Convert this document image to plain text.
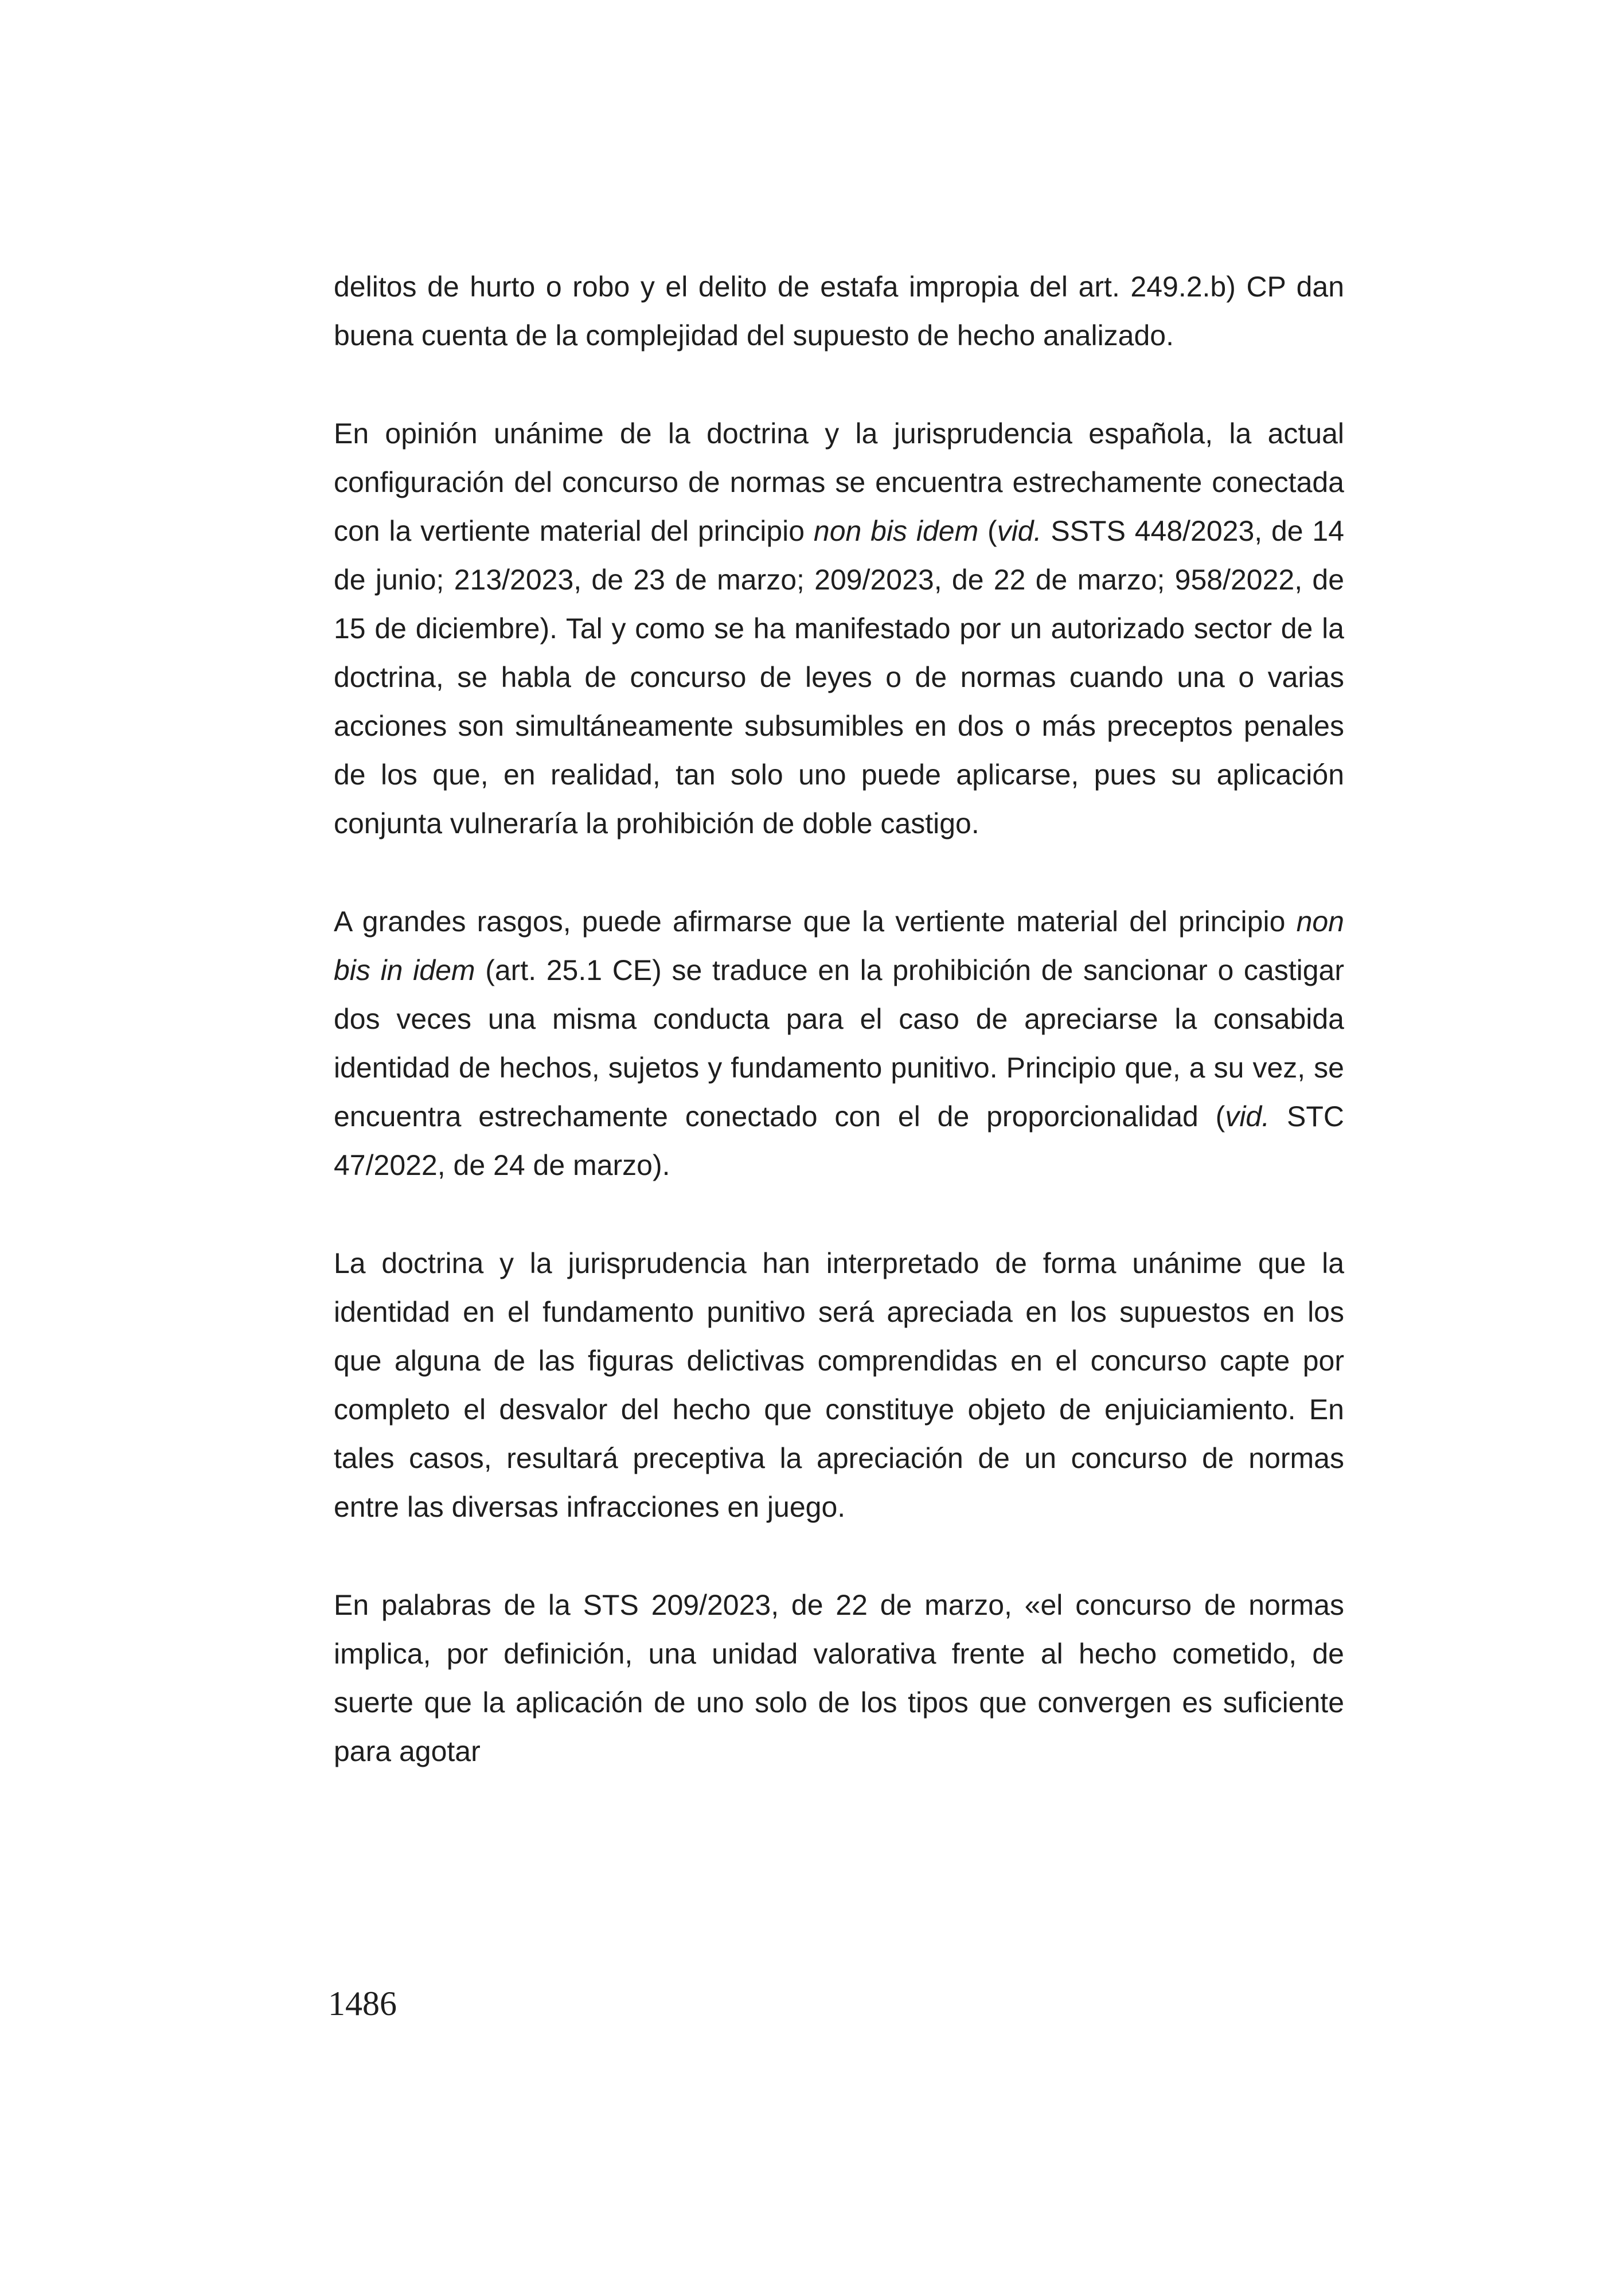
delitos de hurto o robo y el delito de estafa impropia del art. 249.2.b) CP dan buena cuenta de la complejidad del supuesto de hecho analizado.

En opinión unánime de la doctrina y la jurisprudencia española, la actual configuración del concurso de normas se encuentra estrechamente conectada con la vertiente material del principio non bis idem (vid. SSTS 448/2023, de 14 de junio; 213/2023, de 23 de marzo; 209/2023, de 22 de marzo; 958/2022, de 15 de diciembre). Tal y como se ha manifestado por un autorizado sector de la doctrina, se habla de concurso de leyes o de normas cuando una o varias acciones son simultáneamente subsumibles en dos o más preceptos penales de los que, en realidad, tan solo uno puede aplicarse, pues su aplicación conjunta vulneraría la prohibición de doble castigo.

A grandes rasgos, puede afirmarse que la vertiente material del principio non bis in idem (art. 25.1 CE) se traduce en la prohibición de sancionar o castigar dos veces una misma conducta para el caso de apreciarse la consabida identidad de hechos, sujetos y fundamento punitivo. Principio que, a su vez, se encuentra estrechamente conectado con el de proporcionalidad (vid. STC 47/2022, de 24 de marzo).

La doctrina y la jurisprudencia han interpretado de forma unánime que la identidad en el fundamento punitivo será apreciada en los supuestos en los que alguna de las figuras delictivas comprendidas en el concurso capte por completo el desvalor del hecho que constituye objeto de enjuiciamiento. En tales casos, resultará preceptiva la apreciación de un concurso de normas entre las diversas infracciones en juego.

En palabras de la STS 209/2023, de 22 de marzo, «el concurso de normas implica, por definición, una unidad valorativa frente al hecho cometido, de suerte que la aplicación de uno solo de los tipos que convergen es suficiente para agotar

1486
